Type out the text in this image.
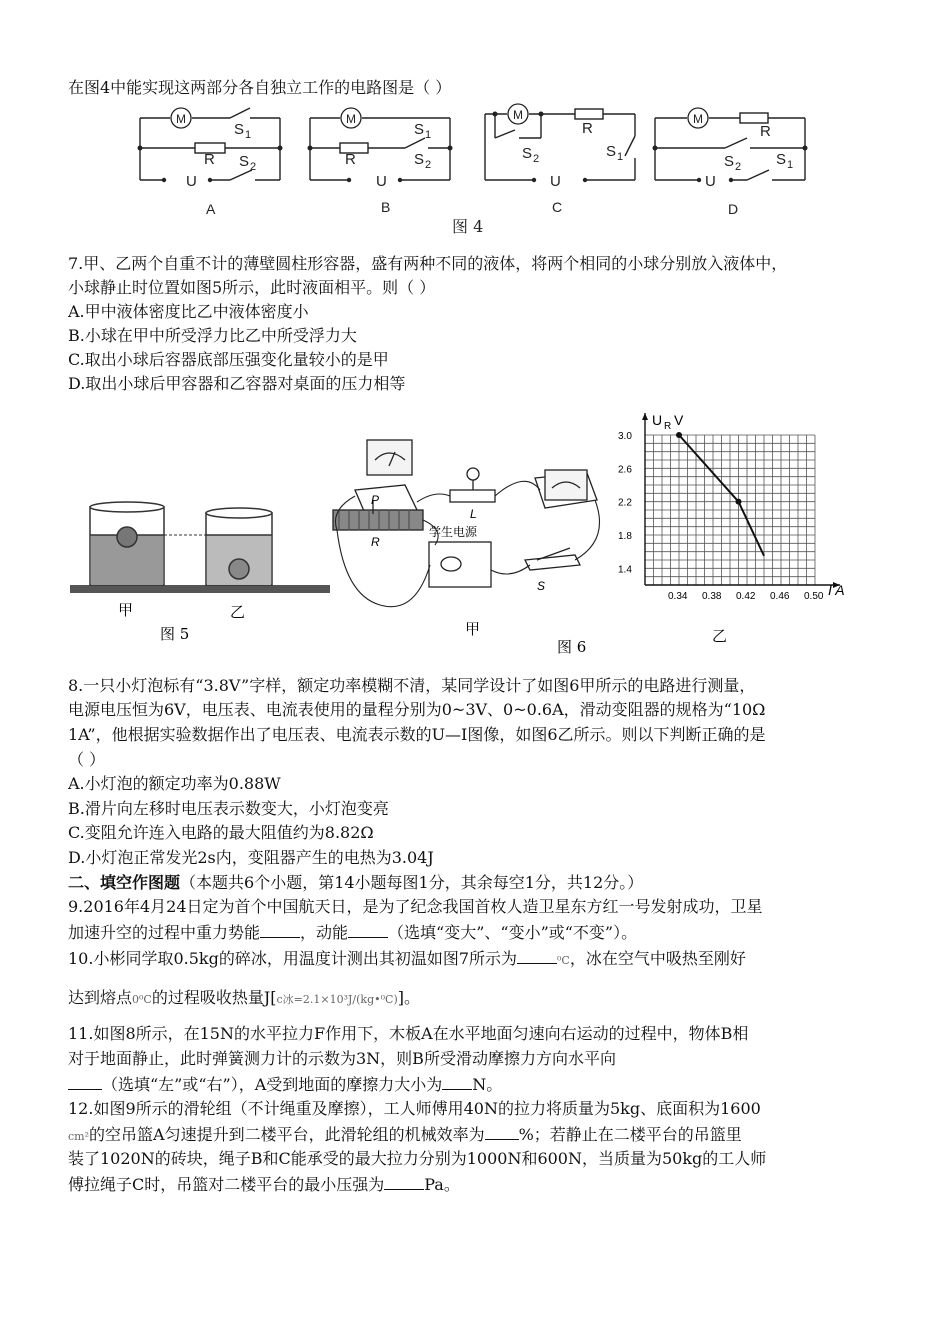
在图4中能实现这两部分各自独立工作的电路图是（ ）
M	M	M	M
S 1
R S 2
U
S 1
R	S 2
U
R
S 2	S 1
U
R
S 2 S 1
U
A	B	C	D
图 4
7.甲、乙两个自重不计的薄壁圆柱形容器，盛有两种不同的液体，将两个相同的小球分别放入液体中，
小球静止时位置如图5所示，此时液面相平。则（ ）
A.甲中液体密度比乙中液体密度小
B.小球在甲中所受浮力比乙中所受浮力大
C.取出小球后容器底部压强变化量较小的是甲
D.取出小球后甲容器和乙容器对桌面的压力相等
甲	乙
图 5
P
R
L
S
学生电源
甲
图 6
0.34 0.38 0.42 0.46 0.50
3.0
2.6
2.2
1.8
1.4
U R V
I A
乙
8.一只小灯泡标有“3.8V”字样，额定功率模糊不清，某同学设计了如图6甲所示的电路进行测量，
电源电压恒为6V，电压表、电流表使用的量程分别为0~3V、0~0.6A，滑动变阻器的规格为“10Ω
1A”，他根据实验数据作出了电压表、电流表示数的U—I图像，如图6乙所示。则以下判断正确的是
（ ）
A.小灯泡的额定功率为0.88W
B.滑片向左移时电压表示数变大，小灯泡变亮
C.变阻允许连入电路的最大阻值约为8.82Ω
D.小灯泡正常发光2s内，变阻器产生的电热为3.04J
二、填空作图题（本题共6个小题，第14小题每图1分，其余每空1分，共12分。）
9.2016年4月24日定为首个中国航天日，是为了纪念我国首枚人造卫星东方红一号发射成功，卫星
加速升空的过程中重力势能	，动能	（选填“变大”、“变小”或“不变”）。
10.小彬同学取0.5kg的碎冰，用温度计测出其初温如图7所示为	⁰C，冰在空气中吸热至刚好
达到熔点0⁰C的过程吸收热量J[c冰=2.1×10³J/(kg•⁰C)]。
11.如图8所示，在15N的水平拉力F作用下，木板A在水平地面匀速向右运动的过程中，物体B相
对于地面静止，此时弹簧测力计的示数为3N，则B所受滑动摩擦力方向水平向
（选填“左”或“右”），A受到地面的摩擦力大小为 N。
12.如图9所示的滑轮组（不计绳重及摩擦），工人师傅用40N的拉力将质量为5kg、底面积为1600
cm²的空吊篮A匀速提升到二楼平台，此滑轮组的机械效率为 %；若静止在二楼平台的吊篮里
装了1020N的砖块，绳子B和C能承受的最大拉力分别为1000N和600N，当质量为50kg的工人师
傅拉绳子C时，吊篮对二楼平台的最小压强为	Pa。
